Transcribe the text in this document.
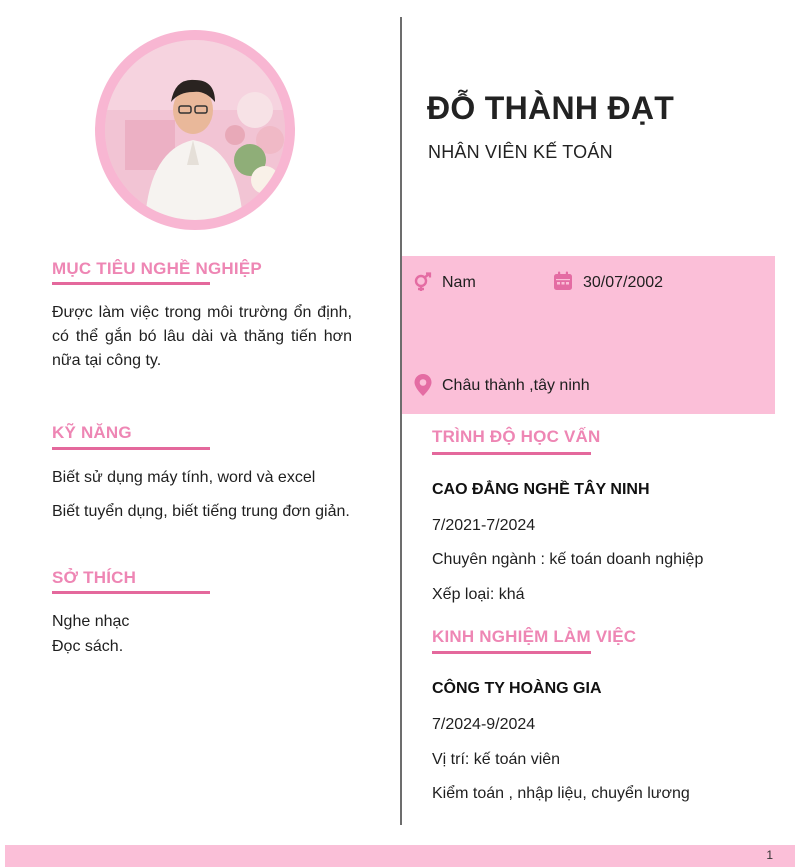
MỤC TIÊU NGHỀ NGHIỆP
Được làm việc trong môi trường ổn định, có thể gắn bó lâu dài và thăng tiến hơn nữa tại công ty.
KỸ NĂNG
Biết sử dụng máy tính, word và excel
Biết tuyển dụng, biết tiếng trung đơn giản.
SỞ THÍCH
Nghe nhạc
Đọc sách.
ĐỖ THÀNH ĐẠT
NHÂN VIÊN KẾ TOÁN
Nam	30/07/2002
Châu thành ,tây ninh
TRÌNH ĐỘ HỌC VẤN
CAO ĐẲNG NGHỀ TÂY NINH
7/2021-7/2024
Chuyên ngành : kế toán doanh nghiệp
Xếp loại: khá
KINH NGHIỆM LÀM VIỆC
CÔNG TY HOÀNG GIA
7/2024-9/2024
Vị trí: kế toán viên
Kiểm toán , nhập liệu, chuyển lương
1
